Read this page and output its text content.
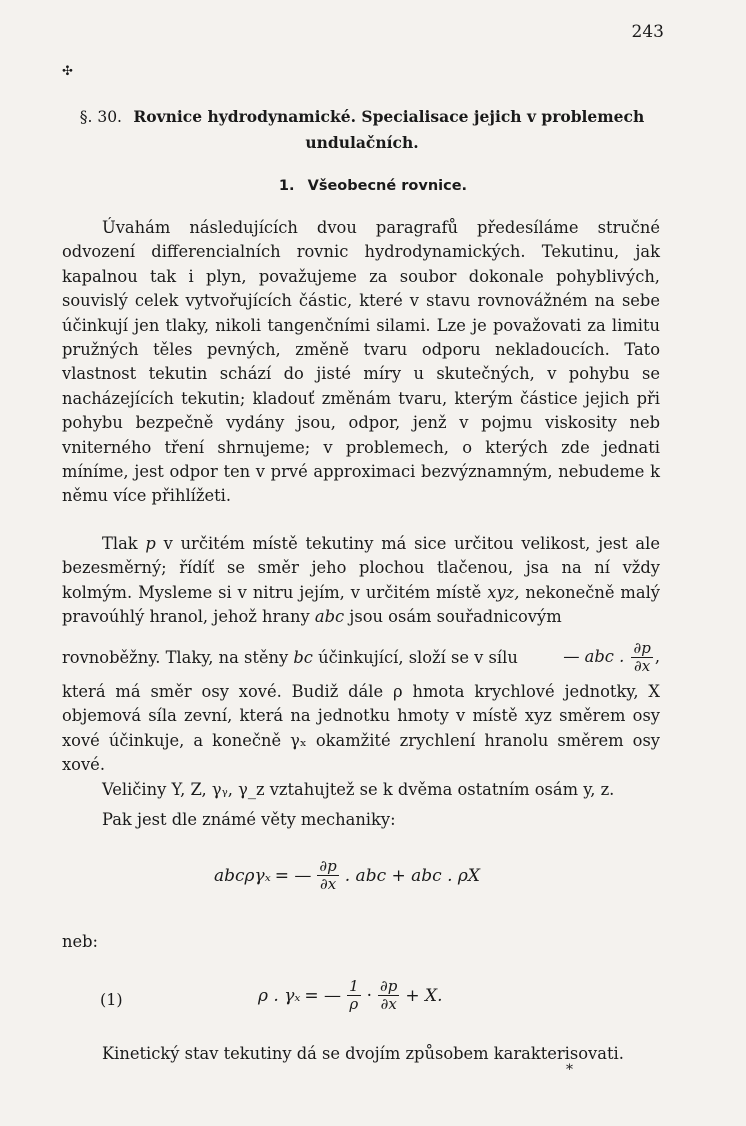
243
✣
§. 30. Rovnice hydrodynamické. Specialisace jejich v problemech undulačních.
1. Všeobecné rovnice.
Úvahám následujících dvou paragrafů předesíláme stručné odvození differencialních rovnic hydrodynamických. Tekutinu, jak kapalnou tak i plyn, považujeme za soubor dokonale pohyblivých, souvislý celek vytvořujících částic, které v stavu rovnovážném na sebe účinkují jen tlaky, nikoli tangenčními silami. Lze je považovati za limitu pružných těles pevných, změně tvaru odporu nekladoucích. Tato vlastnost tekutin schází do jisté míry u skutečných, v pohybu se nacházejících tekutin; kladouť změnám tvaru, kterým částice jejich při pohybu bezpečně vydány jsou, odpor, jenž v pojmu viskosity neb vniterného tření shrnujeme; v problemech, o kterých zde jednati míníme, jest odpor ten v prvé approximaci bezvýznamným, nebudeme k němu více přihlížeti.
Tlak p v určitém místě tekutiny má sice určitou velikost, jest ale bezesměrný; řídíť se směr jeho plochou tlačenou, jsa na ní vždy kolmým. Mysleme si v nitru jejím, v určitém místě xyz, nekonečně malý pravoúhlý hranol, jehož hrany abc jsou osám souřadnicovým
rovnoběžny. Tlaky, na stěny bc účinkující, složí se v sílu	— abc . $\frac{\partial p}{\partial x}$ ,
která má směr osy xové. Budiž dále ρ hmota krychlové jednotky, X objemová síla zevní, která na jednotku hmoty v místě xyz směrem osy xové účinkuje, a konečně γₓ okamžité zrychlení hranolu směrem osy xové.
Veličiny Y, Z, γᵧ, γ_z vztahujtež se k dvěma ostatním osám y, z.
Pak jest dle známé věty mechaniky:
abcργₓ = — $\frac{\partial p}{\partial x}$ . abc + abc . ρX
neb:
(1)	ρ . γₓ = — $\frac{1}{\rho} \cdot \frac{\partial p}{\partial x} + X$.
Kinetický stav tekutiny dá se dvojím způsobem karakterisovati.
*
